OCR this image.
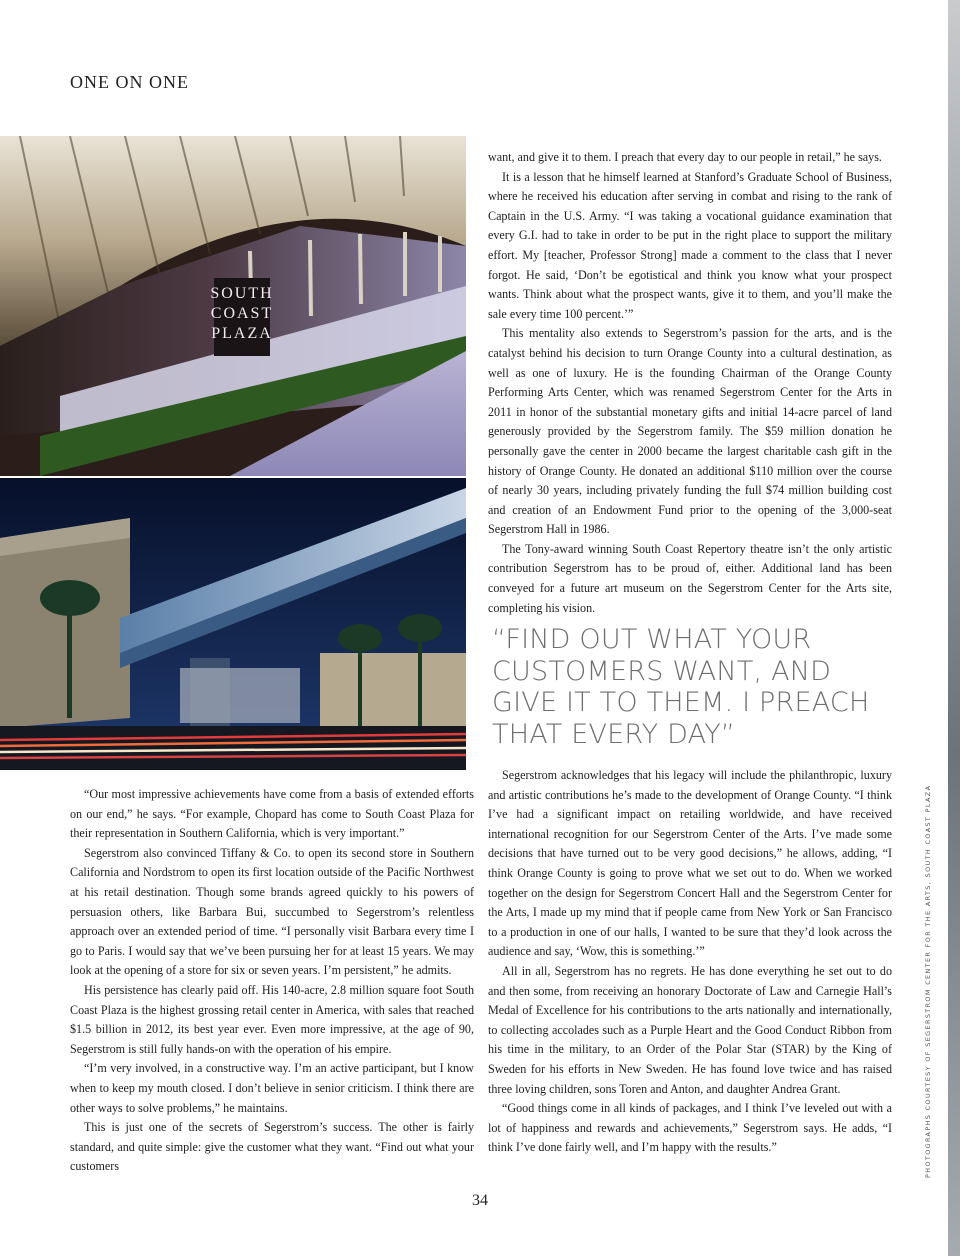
ONE ON ONE
SOUTH
COAST
PLAZA

want, and give it to them. I preach that every day to our people in retail,” he says.

It is a lesson that he himself learned at Stanford’s Graduate School of Business, where he received his education after serving in combat and rising to the rank of Captain in the U.S. Army. “I was taking a vocational guidance examination that every G.I. had to take in order to be put in the right place to support the military effort. My [teacher, Professor Strong] made a comment to the class that I never forgot. He said, ‘Don’t be egotistical and think you know what your prospect wants. Think about what the prospect wants, give it to them, and you’ll make the sale every time 100 percent.’”

This mentality also extends to Segerstrom’s passion for the arts, and is the catalyst behind his decision to turn Orange County into a cultural destination, as well as one of luxury. He is the founding Chairman of the Orange County Performing Arts Center, which was renamed Segerstrom Center for the Arts in 2011 in honor of the substantial monetary gifts and initial 14-acre parcel of land generously provided by the Segerstrom family. The $59 million donation he personally gave the center in 2000 became the largest charitable cash gift in the history of Orange County. He donated an additional $110 million over the course of nearly 30 years, including privately funding the full $74 million building cost and creation of an Endowment Fund prior to the opening of the 3,000-seat Segerstrom Hall in 1986.

The Tony-award winning South Coast Repertory theatre isn’t the only artistic contribution Segerstrom has to be proud of, either. Additional land has been conveyed for a future art museum on the Segerstrom Center for the Arts site, completing his vision.

“FIND OUT WHAT YOUR CUSTOMERS WANT, AND GIVE IT TO THEM. I PREACH THAT EVERY DAY”

“Our most impressive achievements have come from a basis of extended efforts on our end,” he says. “For example, Chopard has come to South Coast Plaza for their representation in Southern California, which is very important.”

Segerstrom also convinced Tiffany & Co. to open its second store in Southern California and Nordstrom to open its first location outside of the Pacific Northwest at his retail destination. Though some brands agreed quickly to his powers of persuasion others, like Barbara Bui, succumbed to Segerstrom’s relentless approach over an extended period of time. “I personally visit Barbara every time I go to Paris. I would say that we’ve been pursuing her for at least 15 years. We may look at the opening of a store for six or seven years. I’m persistent,” he admits.

His persistence has clearly paid off. His 140-acre, 2.8 million square foot South Coast Plaza is the highest grossing retail center in America, with sales that reached $1.5 billion in 2012, its best year ever. Even more impressive, at the age of 90, Segerstrom is still fully hands-on with the operation of his empire.

“I’m very involved, in a constructive way. I’m an active participant, but I know when to keep my mouth closed. I don’t believe in senior criticism. I think there are other ways to solve problems,” he maintains.

This is just one of the secrets of Segerstrom’s success. The other is fairly standard, and quite simple: give the customer what they want. “Find out what your customers

Segerstrom acknowledges that his legacy will include the philanthropic, luxury and artistic contributions he’s made to the development of Orange County. “I think I’ve had a significant impact on retailing worldwide, and have received international recognition for our Segerstrom Center of the Arts. I’ve made some decisions that have turned out to be very good decisions,” he allows, adding, “I think Orange County is going to prove what we set out to do. When we worked together on the design for Segerstrom Concert Hall and the Segerstrom Center for the Arts, I made up my mind that if people came from New York or San Francisco to a production in one of our halls, I wanted to be sure that they’d look across the audience and say, ‘Wow, this is something.’”

All in all, Segerstrom has no regrets. He has done everything he set out to do and then some, from receiving an honorary Doctorate of Law and Carnegie Hall’s Medal of Excellence for his contributions to the arts nationally and internationally, to collecting accolades such as a Purple Heart and the Good Conduct Ribbon from his time in the military, to an Order of the Polar Star (STAR) by the King of Sweden for his efforts in New Sweden. He has found love twice and has raised three loving children, sons Toren and Anton, and daughter Andrea Grant.

“Good things come in all kinds of packages, and I think I’ve leveled out with a lot of happiness and rewards and achievements,” Segerstrom says. He adds, “I think I’ve done fairly well, and I’m happy with the results.”	PHOTOGRAPHS COURTESY OF SEGERSTROM CENTER FOR THE ARTS, SOUTH COAST PLAZA
34
